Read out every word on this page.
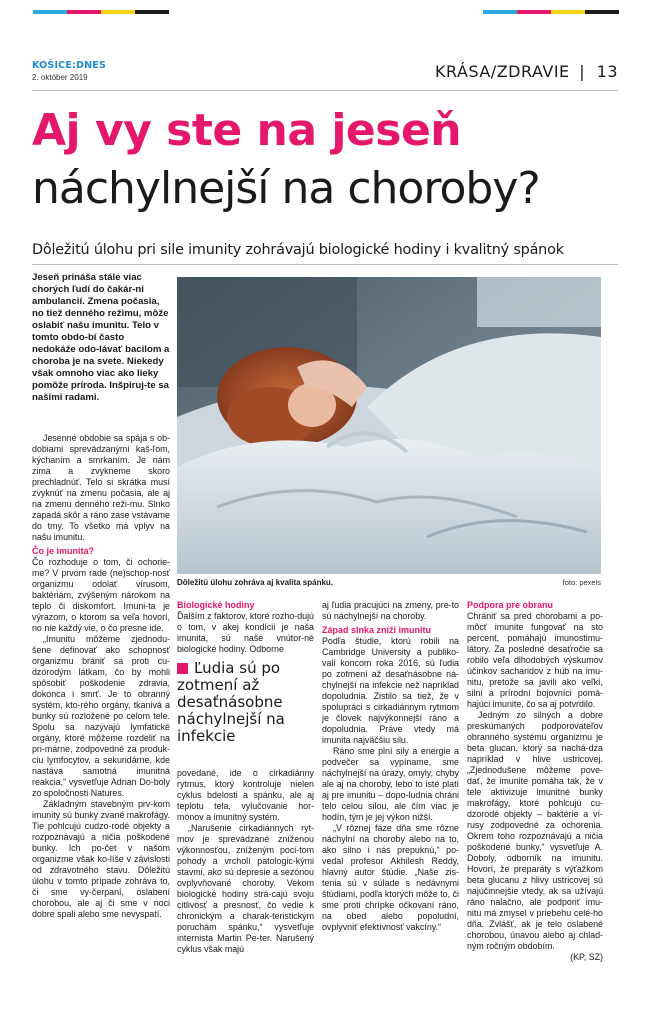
KOŠICE:DNES
2. október 2019	KRÁSA/ZDRAVIE | 13
Aj vy ste na jeseň
náchylnejší na choroby?
Dôležitú úlohu pri sile imunity zohrávajú biologické hodiny i kvalitný spánok
Jeseň prináša stále viac chorých ľudí do čakár-ní ambulancií. Zmena počasia, no tiež denného režimu, môže oslabiť našu imunitu. Telo v tomto obdo-bí často nedokáže odo-lávať bacilom a choroba je na svete. Niekedy však omnoho viac ako lieky pomôže príroda. Inšpiruj-te sa našimi radami.
Dôležitú úlohu zohráva aj kvalita spánku.	foto: pexels

Jesenné obdobie sa spája s ob-dobiami sprevádzanými kaš-ľom, kýchaním a smrkaním. Je nám zima a zvykneme skoro prechladnúť. Telo si skrátka musí zvyknúť na zmenu počasia, ale aj na zmenu denného reži-mu. Slnko zapadá skôr a ráno zase vstávame do tmy. To všetko má vplyv na našu imunitu.

Čo je imunita?

Čo rozhoduje o tom, či ochorie-me? V prvom rade (ne)schop-nosť organizmu odolať vírusom, baktériám, zvýšeným nárokom na teplo či diskomfort. Imuni-ta je výrazom, o ktorom sa veľa hovorí, no nie každý vie, o čo presne ide.

„Imunitu môžeme zjednodu-šene definovať ako schopnosť organizmu brániť sa proti cu-dzorodým látkam, čo by mohli spôsobiť poškodenie zdravia, dokonca i smrť. Je to obranný systém, kto-rého orgány, tkanivá a bunky sú rozložené po celom tele. Spolu sa nazývajú lymfatické orgány, ktoré môžeme rozdeliť na pri-márne, zodpovedné za produk-ciu lymfocytov, a sekundárne, kde nastáva samotná imunitná reakcia,“ vysvetľuje Adrian Do-boly zo spoločnosti Natures.

Základným stavebným prv-kom imunity sú bunky zvané makrofágy. Tie pohlcujú cudzo-rodé objekty a rozpoznávajú a ničia poškodené bunky. Ich po-čet v našom organizme však ko-líše v závislosti od zdravotného stavu. Dôležitú úlohu v tomto prípade zohráva to, či sme vy-čerpaní, oslabení chorobou, ale aj či sme v noci dobre spali alebo sme nevyspatí.

Biologické hodiny

Ďalším z faktorov, ktoré rozho-dujú o tom, v akej kondícii je naša imunita, sú naše vnútor-né biologické hodiny. Odborne

Ľudia sú po zotmení až desaťnásobne náchylnejší na infekcie

povedané, ide o cirkadiánny rytmus, ktorý kontroluje nielen cyklus bdelosti a spánku, ale aj teplotu tela, vylučovanie hor-mónov a imunitný systém.

„Narušenie cirkadiánnych ryt-mov je sprevádzané zníženou výkonnosťou, zníženým poci-tom pohody a vrcholí patologic-kými stavmi, ako sú depresie a sezónou ovplyvňované choroby. Vekom biologické hodiny strá-cajú svoju citlivosť a presnosť, čo vedie k chronickým a charak-teristickým poruchám spánku,“ vysvetľuje internista Martin Pe-ter. Narušený cyklus však majú

aj ľudia pracujúci na zmeny, pre-to sú náchylnejší na choroby.

Západ slnka zníži imunitu

Podľa štúdie, ktorú robili na Cambridge University a publiko-vali koncom roka 2016, sú ľudia po zotmení až desaťnásobne ná-chylnejší na infekcie než napríklad dopoludnia. Zistilo sa tiež, že v spolupráci s cirkadiánnym rytmom je človek najvýkonnejší ráno a dopoludnia. Práve vtedy má imunita najväčšiu silu.

Ráno sme plní sily a energie a podvečer sa vypíname, sme náchylnejší na úrazy, omyly, chyby ale aj na choroby, lebo to isté platí aj pre imunitu – dopo-ludnia chráni telo celou silou, ale čím viac je hodín, tým je jej výkon nižší.

„V rôznej fáze dňa sme rôzne náchylní na choroby alebo na to, ako silno i nás prepuknú,“ po-vedal profesor Akhilesh Reddy, hlavný autor štúdie. „Naše zis-tenia sú v súlade s nedávnymi štúdiami, podľa ktorých môže to, či sme proti chrípke očkovaní ráno, na obed alebo popoludní, ovplyvniť efektívnosť vakcíny.“

Podpora pre obranu

Chrániť sa pred chorobami a po-môcť imunite fungovať na sto percent, pomáhajú imunostimu-látory. Za posledné desaťročie sa robilo veľa dlhodobých výskumov účinkov sacharidov z húb na imu-nitu, pretože sa javili ako veľkí, silní a prírodní bojovníci pomá-hajúci imunite, čo sa aj potvrdilo.

Jedným zo silných a dobre preskúmaných podporovateľov obranného systému organizmu je beta glucan, ktorý sa nachá-dza napríklad v hlive ustricovej. „Zjednodušene môžeme pove-dať, že imunite pomáha tak, že v tele aktivizuje imunitné bunky makrofágy, ktoré pohlcujú cu-dzorodé objekty – baktérie a ví-rusy zodpovedné za ochorenia. Okrem toho rozpoznávajú a ničia poškodené bunky,“ vysvetľuje A. Doboly, odborník na imunitu. Hovorí, že preparáty s výťažkom beta glucanu z hlivy ustricovej sú najúčinnejšie vtedy, ak sa užívajú ráno nalačno, ale podporiť imu-nitu má zmysel v priebehu celé-ho dňa. Zvlášť, ak je telo oslabené chorobou, únavou alebo aj chlad-ným ročným obdobím.

(KP, SZ)
